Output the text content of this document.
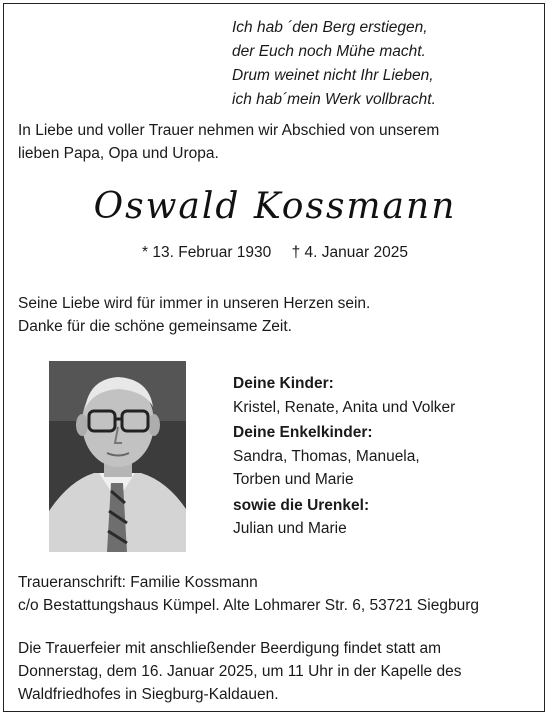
Ich hab ´den Berg erstiegen,
der Euch noch Mühe macht.
Drum weinet nicht Ihr Lieben,
ich hab´mein Werk vollbracht.
In Liebe und voller Trauer nehmen wir Abschied von unserem
lieben Papa, Opa und Uropa.
Oswald Kossmann
* 13. Februar 1930 † 4. Januar 2025
Seine Liebe wird für immer in unseren Herzen sein.
Danke für die schöne gemeinsame Zeit.
Deine Kinder:
Kristel, Renate, Anita und Volker
Deine Enkelkinder:
Sandra, Thomas, Manuela,
Torben und Marie
sowie die Urenkel:
Julian und Marie
Traueranschrift: Familie Kossmann
c/o Bestattungshaus Kümpel. Alte Lohmarer Str. 6, 53721 Siegburg
Die Trauerfeier mit anschließender Beerdigung findet statt am
Donnerstag, dem 16. Januar 2025, um 11 Uhr in der Kapelle des
Waldfriedhofes in Siegburg-Kaldauen.
